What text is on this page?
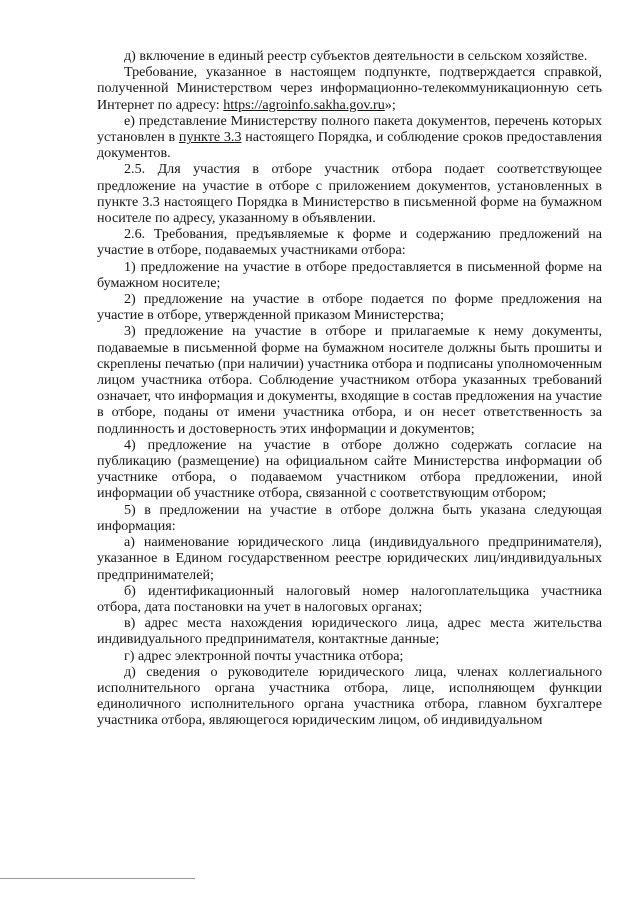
д) включение в единый реестр субъектов деятельности в сельском хозяйстве.

Требование, указанное в настоящем подпункте, подтверждается справкой, полученной Министерством через информационно-телекоммуникационную сеть Интернет по адресу: https://agroinfo.sakha.gov.ru»;

е) представление Министерству полного пакета документов, перечень которых установлен в пункте 3.3 настоящего Порядка, и соблюдение сроков предоставления документов.

2.5. Для участия в отборе участник отбора подает соответствующее предложение на участие в отборе с приложением документов, установленных в пункте 3.3 настоящего Порядка в Министерство в письменной форме на бумажном носителе по адресу, указанному в объявлении.

2.6. Требования, предъявляемые к форме и содержанию предложений на участие в отборе, подаваемых участниками отбора:

1) предложение на участие в отборе предоставляется в письменной форме на бумажном носителе;

2) предложение на участие в отборе подается по форме предложения на участие в отборе, утвержденной приказом Министерства;

3) предложение на участие в отборе и прилагаемые к нему документы, подаваемые в письменной форме на бумажном носителе должны быть прошиты и скреплены печатью (при наличии) участника отбора и подписаны уполномоченным лицом участника отбора. Соблюдение участником отбора указанных требований означает, что информация и документы, входящие в состав предложения на участие в отборе, поданы от имени участника отбора, и он несет ответственность за подлинность и достоверность этих информации и документов;

4) предложение на участие в отборе должно содержать согласие на публикацию (размещение) на официальном сайте Министерства информации об участнике отбора, о подаваемом участником отбора предложении, иной информации об участнике отбора, связанной с соответствующим отбором;

5) в предложении на участие в отборе должна быть указана следующая информация:

а) наименование юридического лица (индивидуального предпринимателя), указанное в Едином государственном реестре юридических лиц/индивидуальных предпринимателей;

б) идентификационный налоговый номер налогоплательщика участника отбора, дата постановки на учет в налоговых органах;

в) адрес места нахождения юридического лица, адрес места жительства индивидуального предпринимателя, контактные данные;

г) адрес электронной почты участника отбора;

д) сведения о руководителе юридического лица, членах коллегиального исполнительного органа участника отбора, лице, исполняющем функции единоличного исполнительного органа участника отбора, главном бухгалтере участника отбора, являющегося юридическим лицом, об индивидуальном
